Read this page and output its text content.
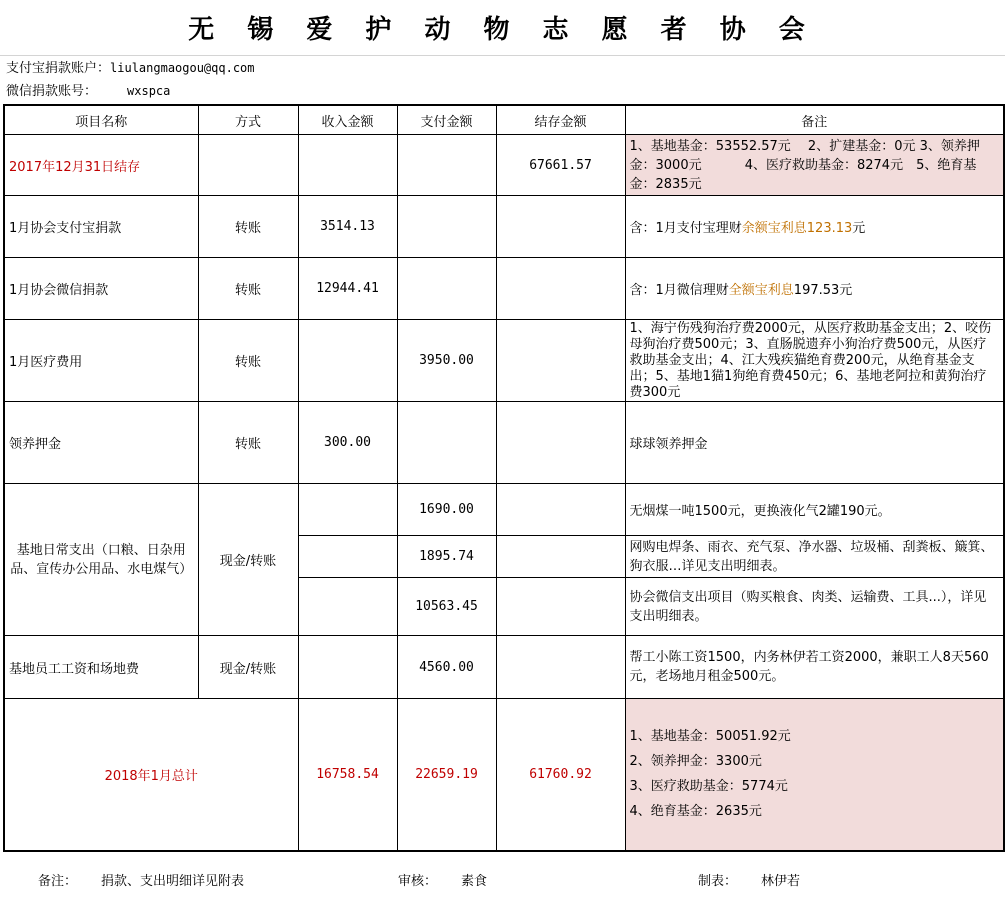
无 锡 爱 护 动 物 志 愿 者 协 会
支付宝捐款账户：liulangmaogou@qq.com
微信捐款账号：	wxspca
项目名称	方式	收入金额	支付金额	结存金额	备注
2017年12月31日结存				67661.57	1、基地基金：53552.57元　 2、扩建基金：0元 3、领养押金：3000元　　　 4、医疗救助基金：8274元　5、绝育基金：2835元
1月协会支付宝捐款	转账	3514.13			含：1月支付宝理财余额宝利息123.13元
1月协会微信捐款	转账	12944.41			含：1月微信理财全额宝利息197.53元
1月医疗费用	转账		3950.00		1、海宁伤残狗治疗费2000元，从医疗救助基金支出；2、咬伤母狗治疗费500元；3、直肠脱遗弃小狗治疗费500元，从医疗救助基金支出；4、江大残疾猫绝育费200元，从绝育基金支出；5、基地1猫1狗绝育费450元；6、基地老阿拉和黄狗治疗费300元
领养押金	转账	300.00			球球领养押金
基地日常支出（口粮、日杂用品、宣传办公用品、水电煤气）	现金/转账		1690.00		无烟煤一吨1500元，更换液化气2罐190元。
			1895.74		网购电焊条、雨衣、充气泵、净水器、垃圾桶、刮粪板、簸箕、狗衣服…详见支出明细表。
			10563.45		协会微信支出项目（购买粮食、肉类、运输费、工具...），详见支出明细表。
基地员工工资和场地费	现金/转账		4560.00		帮工小陈工资1500，内务林伊若工资2000，兼职工人8天560元，老场地月租金500元。
2018年1月总计		16758.54	22659.19	61760.92	1、基地基金：50051.92元
2、领养押金：3300元
3、医疗救助基金：5774元
4、绝育基金：2635元
备注： 捐款、支出明细详见附表	审核： 素食	制表： 林伊若
